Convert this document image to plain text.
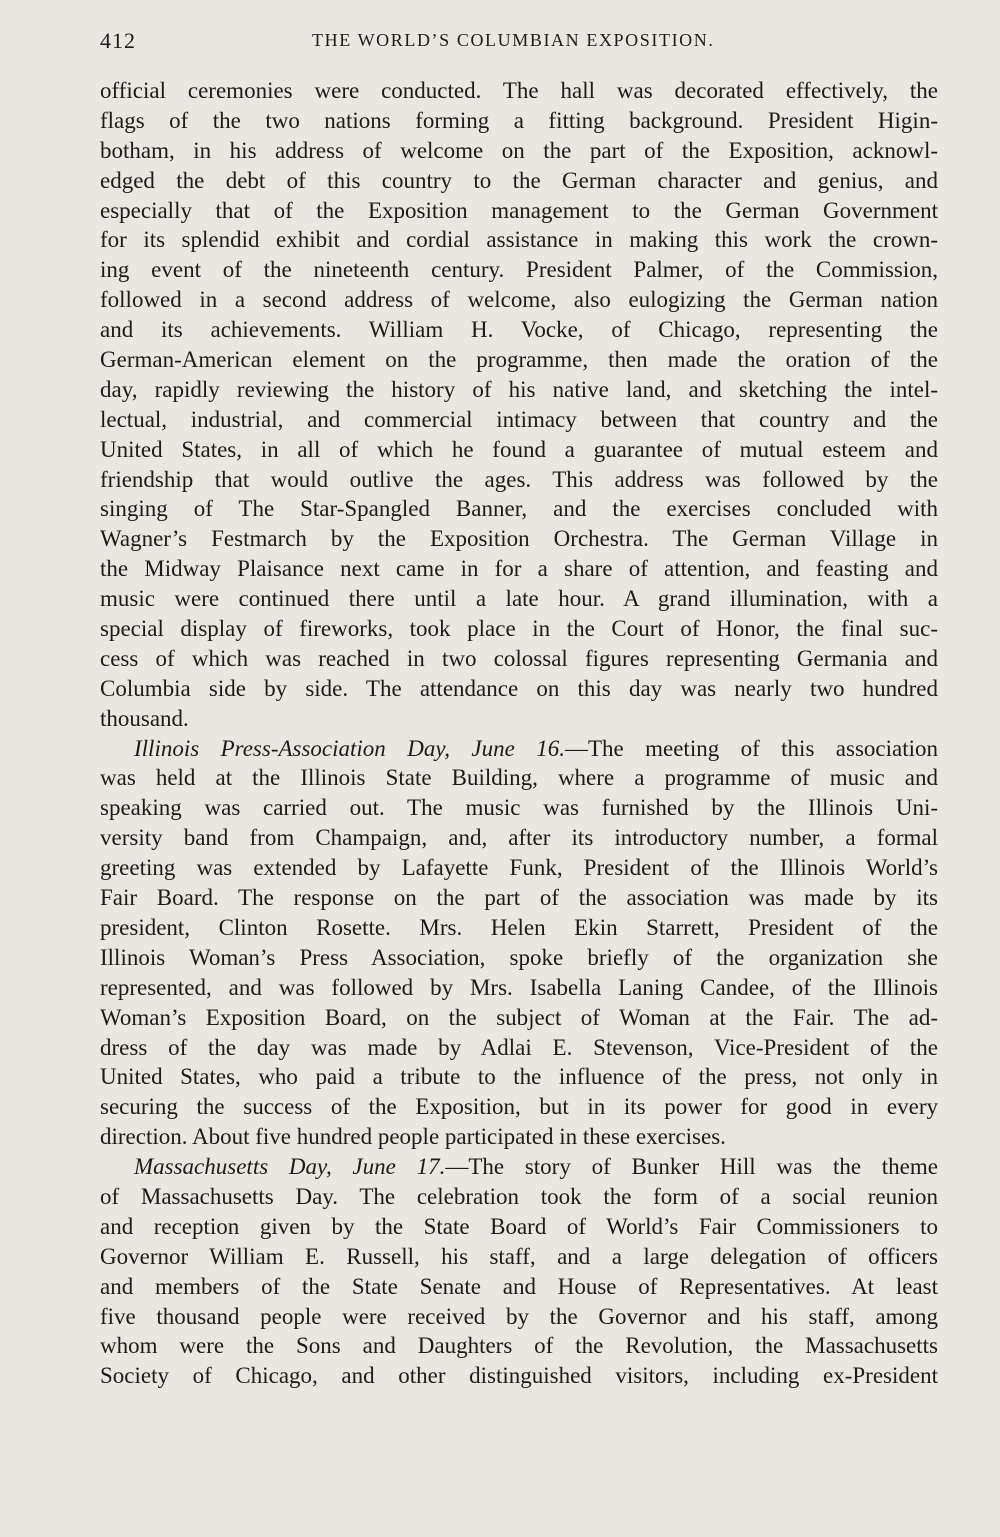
412	THE WORLD’S COLUMBIAN EXPOSITION.
official ceremonies were conducted. The hall was decorated effectively, the
flags of the two nations forming a fitting background. President Higin-
botham, in his address of welcome on the part of the Exposition, acknowl-
edged the debt of this country to the German character and genius, and
especially that of the Exposition management to the German Government
for its splendid exhibit and cordial assistance in making this work the crown-
ing event of the nineteenth century. President Palmer, of the Commission,
followed in a second address of welcome, also eulogizing the German nation
and its achievements. William H. Vocke, of Chicago, representing the
German-American element on the programme, then made the oration of the
day, rapidly reviewing the history of his native land, and sketching the intel-
lectual, industrial, and commercial intimacy between that country and the
United States, in all of which he found a guarantee of mutual esteem and
friendship that would outlive the ages. This address was followed by the
singing of The Star-Spangled Banner, and the exercises concluded with
Wagner’s Festmarch by the Exposition Orchestra. The German Village in
the Midway Plaisance next came in for a share of attention, and feasting and
music were continued there until a late hour. A grand illumination, with a
special display of fireworks, took place in the Court of Honor, the final suc-
cess of which was reached in two colossal figures representing Germania and
Columbia side by side. The attendance on this day was nearly two hundred
thousand.
Illinois Press-Association Day, June 16.—The meeting of this association
was held at the Illinois State Building, where a programme of music and
speaking was carried out. The music was furnished by the Illinois Uni-
versity band from Champaign, and, after its introductory number, a formal
greeting was extended by Lafayette Funk, President of the Illinois World’s
Fair Board. The response on the part of the association was made by its
president, Clinton Rosette. Mrs. Helen Ekin Starrett, President of the
Illinois Woman’s Press Association, spoke briefly of the organization she
represented, and was followed by Mrs. Isabella Laning Candee, of the Illinois
Woman’s Exposition Board, on the subject of Woman at the Fair. The ad-
dress of the day was made by Adlai E. Stevenson, Vice-President of the
United States, who paid a tribute to the influence of the press, not only in
securing the success of the Exposition, but in its power for good in every
direction. About five hundred people participated in these exercises.
Massachusetts Day, June 17.—The story of Bunker Hill was the theme
of Massachusetts Day. The celebration took the form of a social reunion
and reception given by the State Board of World’s Fair Commissioners to
Governor William E. Russell, his staff, and a large delegation of officers
and members of the State Senate and House of Representatives. At least
five thousand people were received by the Governor and his staff, among
whom were the Sons and Daughters of the Revolution, the Massachusetts
Society of Chicago, and other distinguished visitors, including ex-President
